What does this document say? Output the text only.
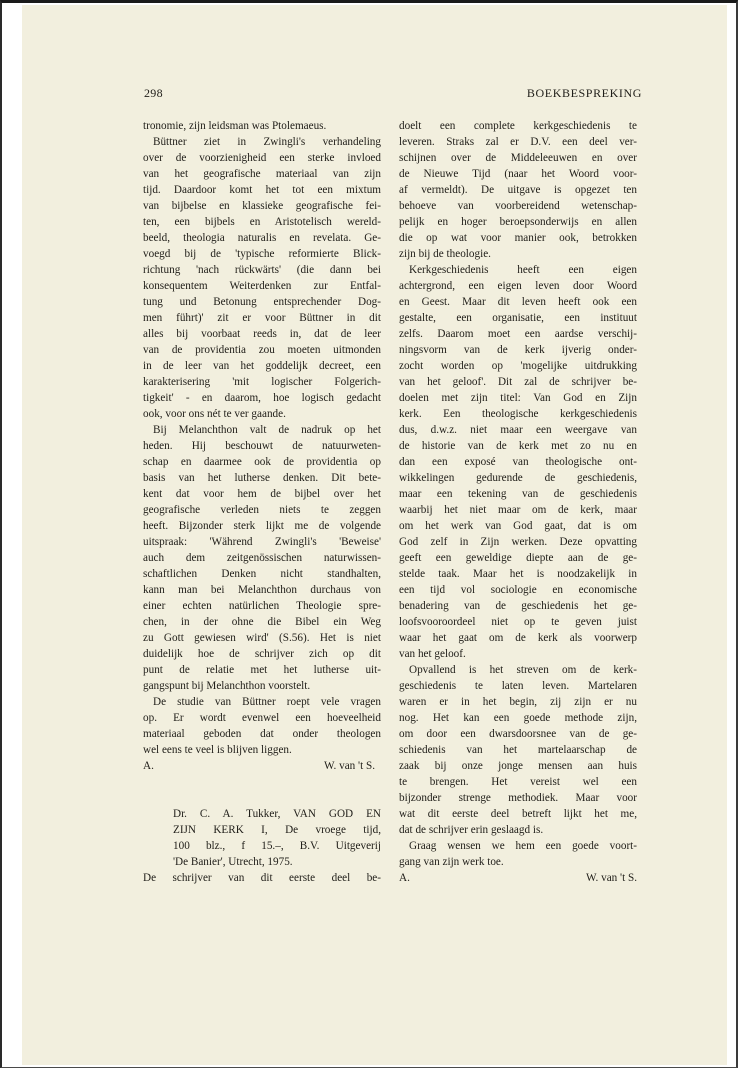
298	BOEKBESPREKING
tronomie, zijn leidsman was Ptolemaeus.
Büttner ziet in Zwingli's verhandeling
over de voorzienigheid een sterke invloed
van het geografische materiaal van zijn
tijd. Daardoor komt het tot een mixtum
van bijbelse en klassieke geografische fei-
ten, een bijbels en Aristotelisch wereld-
beeld, theologia naturalis en revelata. Ge-
voegd bij de 'typische reformierte Blick-
richtung 'nach rückwärts' (die dann bei
konsequentem Weiterdenken zur Entfal-
tung und Betonung entsprechender Dog-
men führt)' zit er voor Büttner in dit
alles bij voorbaat reeds in, dat de leer
van de providentia zou moeten uitmonden
in de leer van het goddelijk decreet, een
karakterisering 'mit logischer Folgerich-
tigkeit' - en daarom, hoe logisch gedacht
ook, voor ons nét te ver gaande.
Bij Melanchthon valt de nadruk op het
heden. Hij beschouwt de natuurweten-
schap en daarmee ook de providentia op
basis van het lutherse denken. Dit bete-
kent dat voor hem de bijbel over het
geografische verleden niets te zeggen
heeft. Bijzonder sterk lijkt me de volgende
uitspraak: 'Während Zwingli's 'Beweise'
auch dem zeitgenössischen naturwissen-
schaftlichen Denken nicht standhalten,
kann man bei Melanchthon durchaus von
einer echten natürlichen Theologie spre-
chen, in der ohne die Bibel ein Weg
zu Gott gewiesen wird' (S.56). Het is niet
duidelijk hoe de schrijver zich op dit
punt de relatie met het lutherse uit-
gangspunt bij Melanchthon voorstelt.
De studie van Büttner roept vele vragen
op. Er wordt evenwel een hoeveelheid
materiaal geboden dat onder theologen
wel eens te veel is blijven liggen.
A.	W. van 't S.
Dr. C. A. Tukker, VAN GOD EN
ZIJN KERK I, De vroege tijd,
100 blz., f 15.–, B.V. Uitgeverij
'De Banier', Utrecht, 1975.
De schrijver van dit eerste deel be-
doelt een complete kerkgeschiedenis te
leveren. Straks zal er D.V. een deel ver-
schijnen over de Middeleeuwen en over
de Nieuwe Tijd (naar het Woord voor-
af vermeldt). De uitgave is opgezet ten
behoeve van voorbereidend wetenschap-
pelijk en hoger beroepsonderwijs en allen
die op wat voor manier ook, betrokken
zijn bij de theologie.
Kerkgeschiedenis heeft een eigen
achtergrond, een eigen leven door Woord
en Geest. Maar dit leven heeft ook een
gestalte, een organisatie, een instituut
zelfs. Daarom moet een aardse verschij-
ningsvorm van de kerk ijverig onder-
zocht worden op 'mogelijke uitdrukking
van het geloof'. Dit zal de schrijver be-
doelen met zijn titel: Van God en Zijn
kerk. Een theologische kerkgeschiedenis
dus, d.w.z. niet maar een weergave van
de historie van de kerk met zo nu en
dan een exposé van theologische ont-
wikkelingen gedurende de geschiedenis,
maar een tekening van de geschiedenis
waarbij het niet maar om de kerk, maar
om het werk van God gaat, dat is om
God zelf in Zijn werken. Deze opvatting
geeft een geweldige diepte aan de ge-
stelde taak. Maar het is noodzakelijk in
een tijd vol sociologie en economische
benadering van de geschiedenis het ge-
loofsvooroordeel niet op te geven juist
waar het gaat om de kerk als voorwerp
van het geloof.
Opvallend is het streven om de kerk-
geschiedenis te laten leven. Martelaren
waren er in het begin, zij zijn er nu
nog. Het kan een goede methode zijn,
om door een dwarsdoorsnee van de ge-
schiedenis van het martelaarschap de
zaak bij onze jonge mensen aan huis
te brengen. Het vereist wel een
bijzonder strenge methodiek. Maar voor
wat dit eerste deel betreft lijkt het me,
dat de schrijver erin geslaagd is.
Graag wensen we hem een goede voort-
gang van zijn werk toe.
A.	W. van 't S.
